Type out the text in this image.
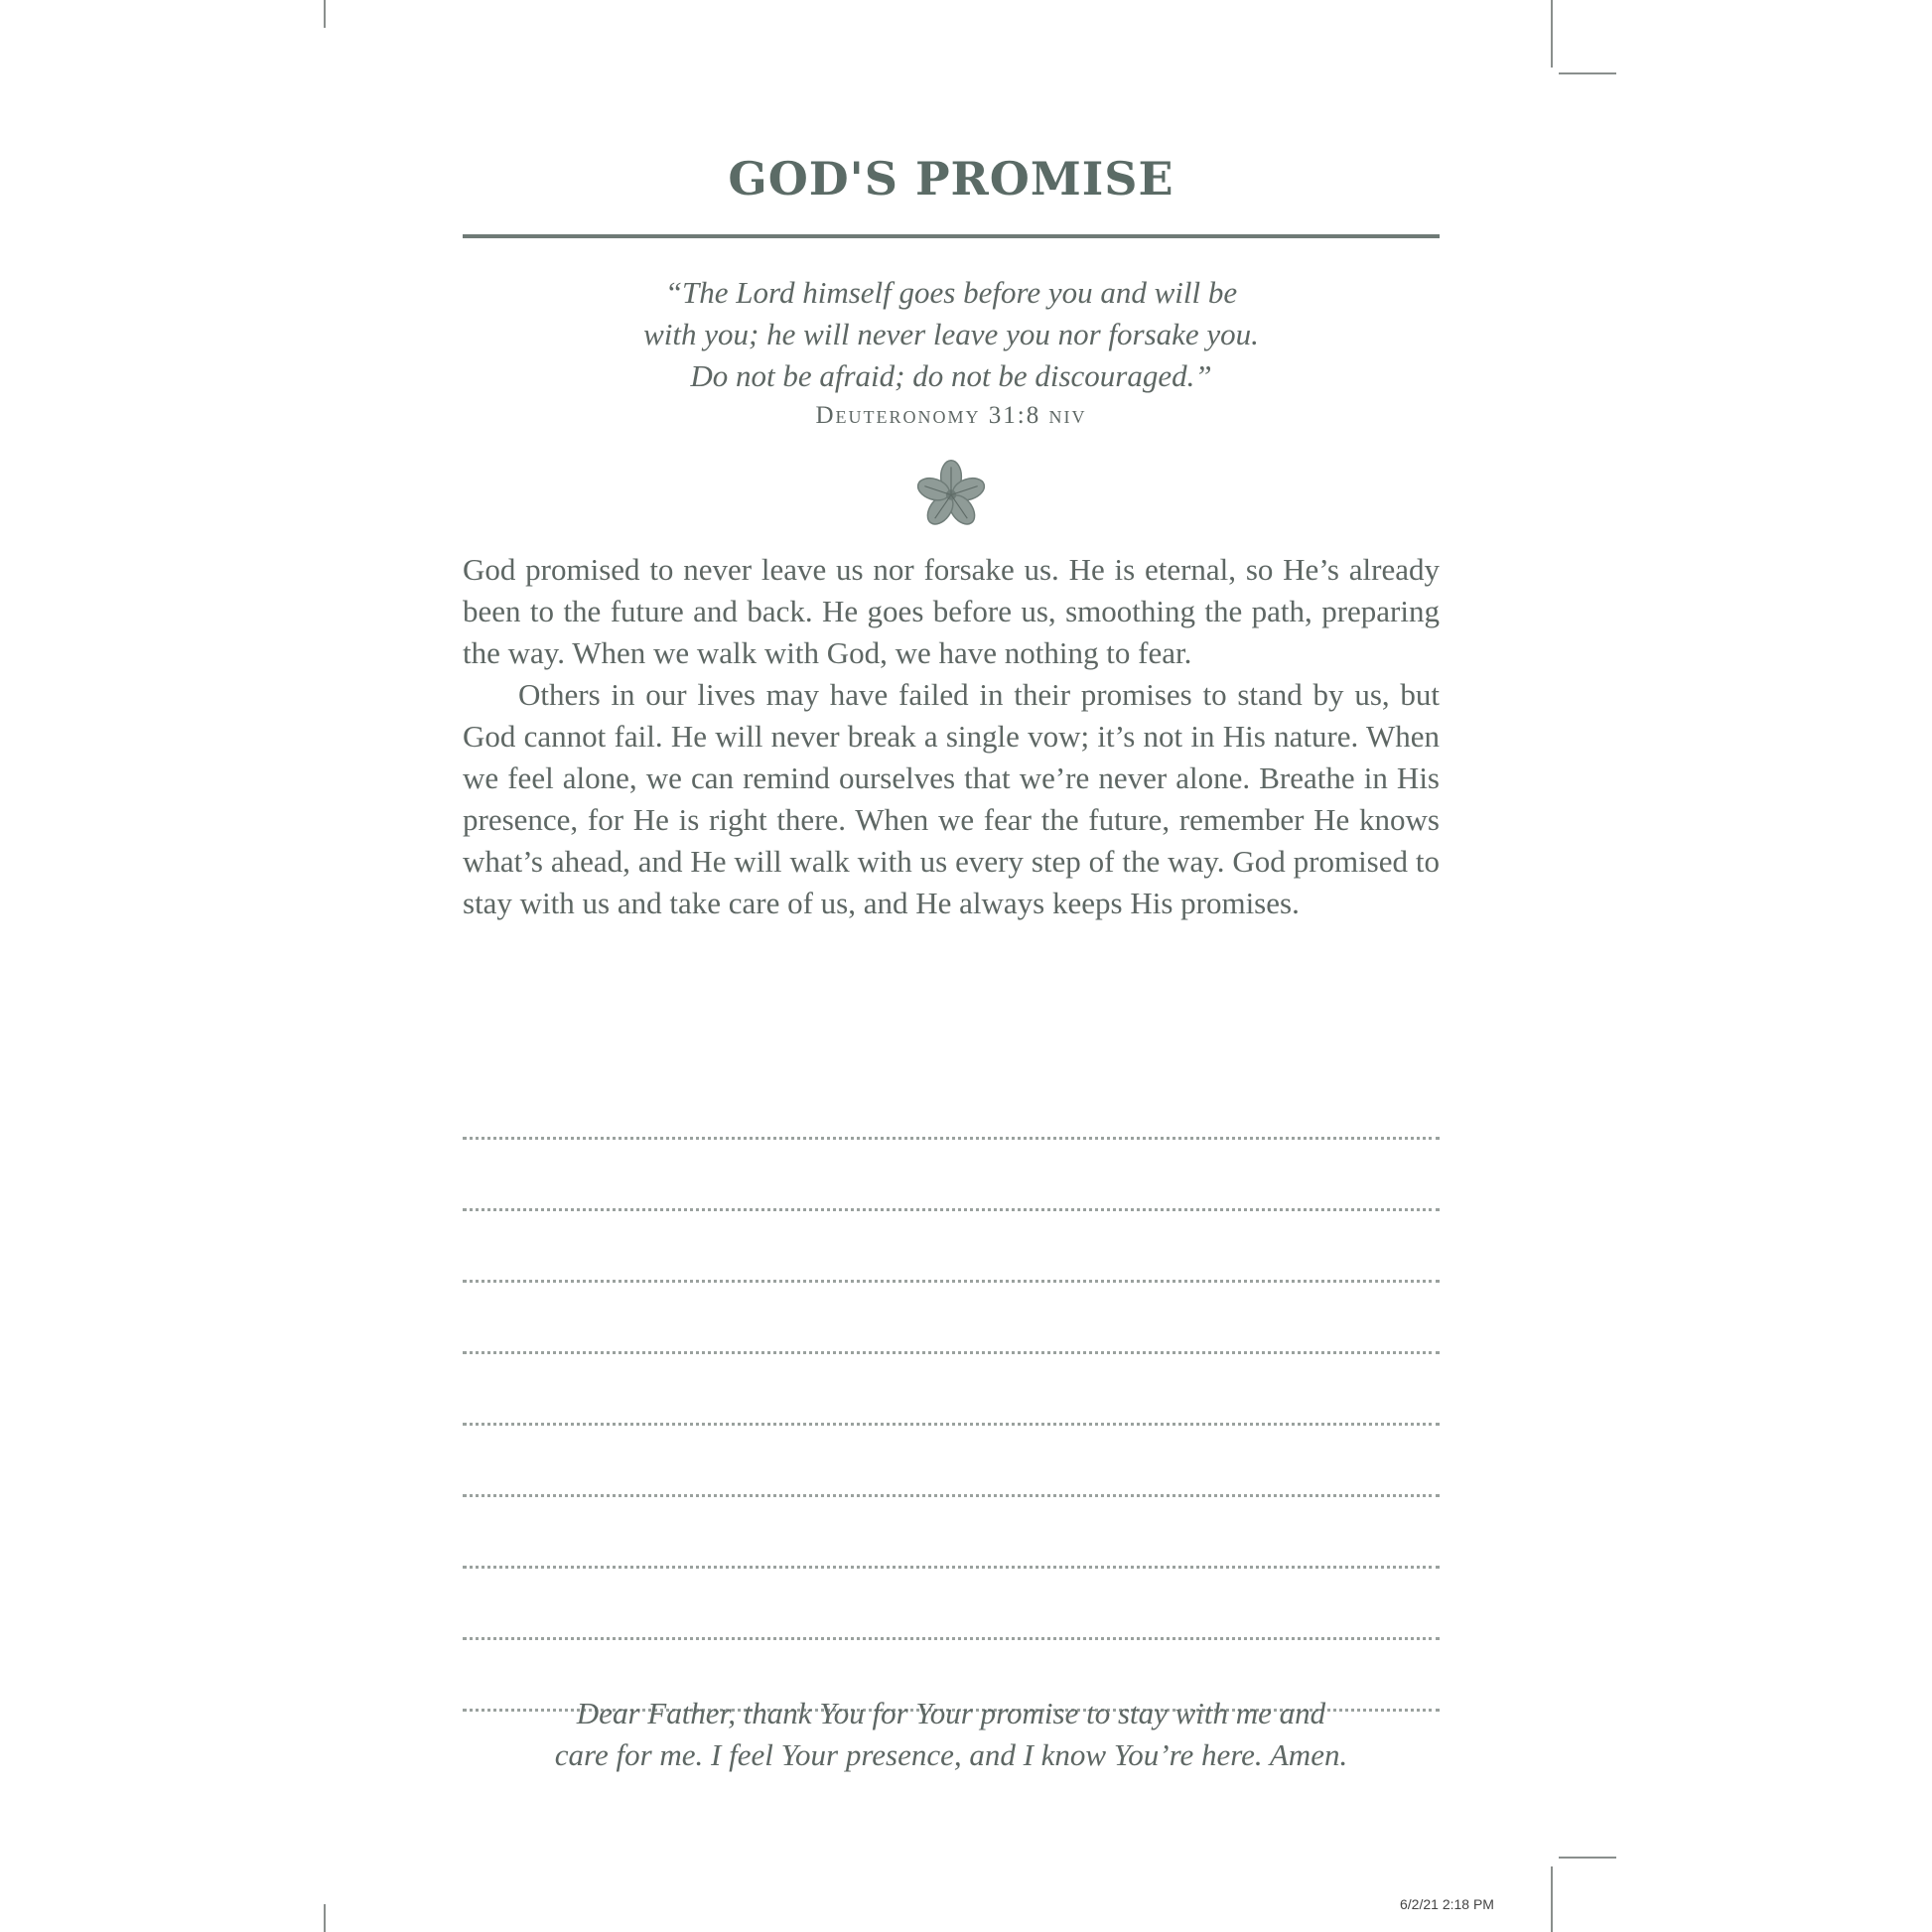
GOD'S PROMISE
“The Lord himself goes before you and will be
with you; he will never leave you nor forsake you.
Do not be afraid; do not be discouraged.”
Deuteronomy 31:8 niv

God promised to never leave us nor forsake us. He is eternal, so He’s already been to the future and back. He goes before us, smoothing the path, preparing the way. When we walk with God, we have nothing to fear.

Others in our lives may have failed in their promises to stand by us, but God cannot fail. He will never break a single vow; it’s not in His nature. When we feel alone, we can remind ourselves that we’re never alone. Breathe in His presence, for He is right there. When we fear the future, remember He knows what’s ahead, and He will walk with us every step of the way. God promised to stay with us and take care of us, and He always keeps His promises.

Dear Father, thank You for Your promise to stay with me and
care for me. I feel Your presence, and I know You’re here. Amen.
6/2/21 2:18 PM
